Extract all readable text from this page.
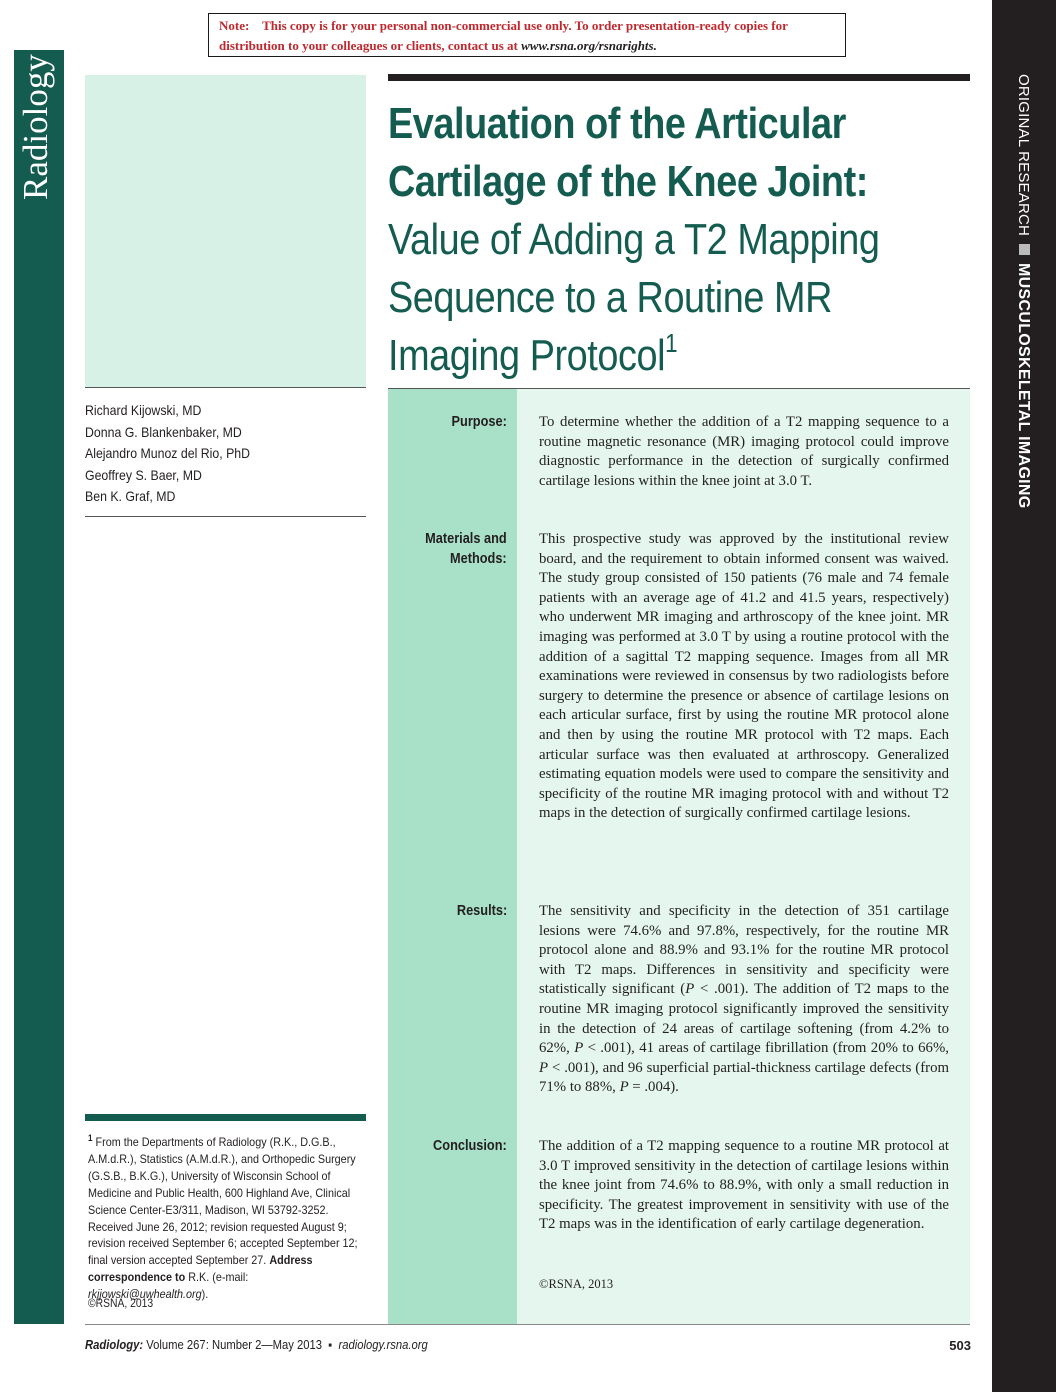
Note: This copy is for your personal non-commercial use only. To order presentation-ready copies for distribution to your colleagues or clients, contact us at www.rsna.org/rsnarights.
Radiology	ORIGINAL RESEARCHMUSCULOSKELETAL IMAGING
Richard Kijowski, MD
Donna G. Blankenbaker, MD
Alejandro Munoz del Rio, PhD
Geoffrey S. Baer, MD
Ben K. Graf, MD
Evaluation of the Articular Cartilage of the Knee Joint: Value of Adding a T2 Mapping Sequence to a Routine MR Imaging Protocol$^1$
Purpose: To determine whether the addition of a T2 mapping sequence to a routine magnetic resonance (MR) imaging protocol could improve diagnostic performance in the detection of surgically confirmed cartilage lesions within the knee joint at 3.0 T.
Materials and
Methods:
This prospective study was approved by the institutional review board, and the requirement to obtain informed consent was waived. The study group consisted of 150 patients (76 male and 74 female patients with an average age of 41.2 and 41.5 years, respectively) who underwent MR imaging and arthroscopy of the knee joint. MR imaging was performed at 3.0 T by using a routine protocol with the addition of a sagittal T2 mapping sequence. Images from all MR examinations were reviewed in consensus by two radiologists before surgery to determine the presence or absence of cartilage lesions on each articular surface, first by using the routine MR protocol alone and then by using the routine MR protocol with T2 maps. Each articular surface was then evaluated at arthroscopy. Generalized estimating equation models were used to compare the sensitivity and specificity of the routine MR imaging protocol with and without T2 maps in the detection of surgically confirmed cartilage lesions.
Results: The sensitivity and specificity in the detection of 351 cartilage lesions were 74.6% and 97.8%, respectively, for the routine MR protocol alone and 88.9% and 93.1% for the routine MR protocol with T2 maps. Differences in sensitivity and specificity were statistically significant (P < .001). The addition of T2 maps to the routine MR imaging protocol significantly improved the sensitivity in the detection of 24 areas of cartilage softening (from 4.2% to 62%, P < .001), 41 areas of cartilage fibrillation (from 20% to 66%, P < .001), and 96 superficial partial-thickness cartilage defects (from 71% to 88%, P = .004).
Conclusion: The addition of a T2 mapping sequence to a routine MR protocol at 3.0 T improved sensitivity in the detection of cartilage lesions within the knee joint from 74.6% to 88.9%, with only a small reduction in specificity. The greatest improvement in sensitivity with use of the T2 maps was in the identification of early cartilage degeneration.
©RSNA, 2013
$^1$ From the Departments of Radiology (R.K., D.G.B., A.M.d.R.), Statistics (A.M.d.R.), and Orthopedic Surgery (G.S.B., B.K.G.), University of Wisconsin School of Medicine and Public Health, 600 Highland Ave, Clinical Science Center-E3/311, Madison, WI 53792-3252. Received June 26, 2012; revision requested August 9; revision received September 6; accepted September 12; final version accepted September 27. Address correspondence to R.K. (e-mail: rkijowski@uwhealth.org).
©RSNA, 2013
Radiology: Volume 267: Number 2—May 2013 ▪ radiology.rsna.org	503
